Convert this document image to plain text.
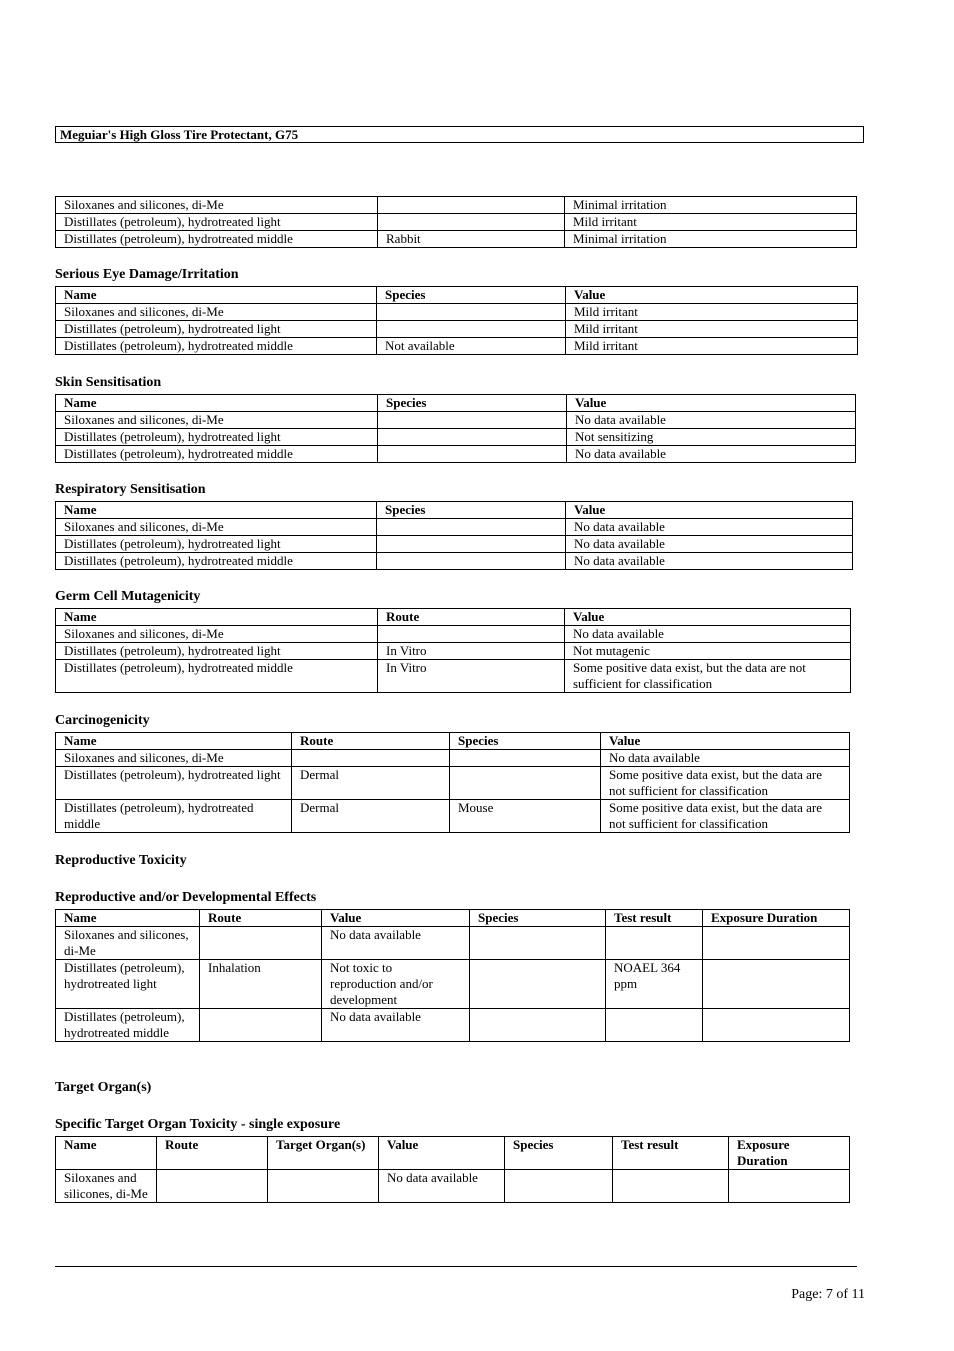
Meguiar's High Gloss Tire Protectant, G75
Siloxanes and silicones, di-Me		Minimal irritation
Distillates (petroleum), hydrotreated light		Mild irritant
Distillates (petroleum), hydrotreated middle	Rabbit	Minimal irritation
Serious Eye Damage/Irritation
Name	Species	Value
Siloxanes and silicones, di-Me		Mild irritant
Distillates (petroleum), hydrotreated light		Mild irritant
Distillates (petroleum), hydrotreated middle	Not available	Mild irritant
Skin Sensitisation
Name	Species	Value
Siloxanes and silicones, di-Me		No data available
Distillates (petroleum), hydrotreated light		Not sensitizing
Distillates (petroleum), hydrotreated middle		No data available
Respiratory Sensitisation
Name	Species	Value
Siloxanes and silicones, di-Me		No data available
Distillates (petroleum), hydrotreated light		No data available
Distillates (petroleum), hydrotreated middle		No data available
Germ Cell Mutagenicity
Name	Route	Value
Siloxanes and silicones, di-Me		No data available
Distillates (petroleum), hydrotreated light	In Vitro	Not mutagenic
Distillates (petroleum), hydrotreated middle	In Vitro	Some positive data exist, but the data are not sufficient for classification
Carcinogenicity
Name	Route	Species	Value
Siloxanes and silicones, di-Me			No data available
Distillates (petroleum), hydrotreated light	Dermal		Some positive data exist, but the data are not sufficient for classification
Distillates (petroleum), hydrotreated middle	Dermal	Mouse	Some positive data exist, but the data are not sufficient for classification
Reproductive Toxicity
Reproductive and/or Developmental Effects
Name	Route	Value	Species	Test result	Exposure Duration
Siloxanes and silicones, di-Me		No data available			
Distillates (petroleum), hydrotreated light	Inhalation	Not toxic to reproduction and/or development		NOAEL 364 ppm	
Distillates (petroleum), hydrotreated middle		No data available			
Target Organ(s)
Specific Target Organ Toxicity - single exposure
Name	Route	Target Organ(s)	Value	Species	Test result	Exposure Duration
Siloxanes and silicones, di-Me			No data available			
Page: 7 of 11
